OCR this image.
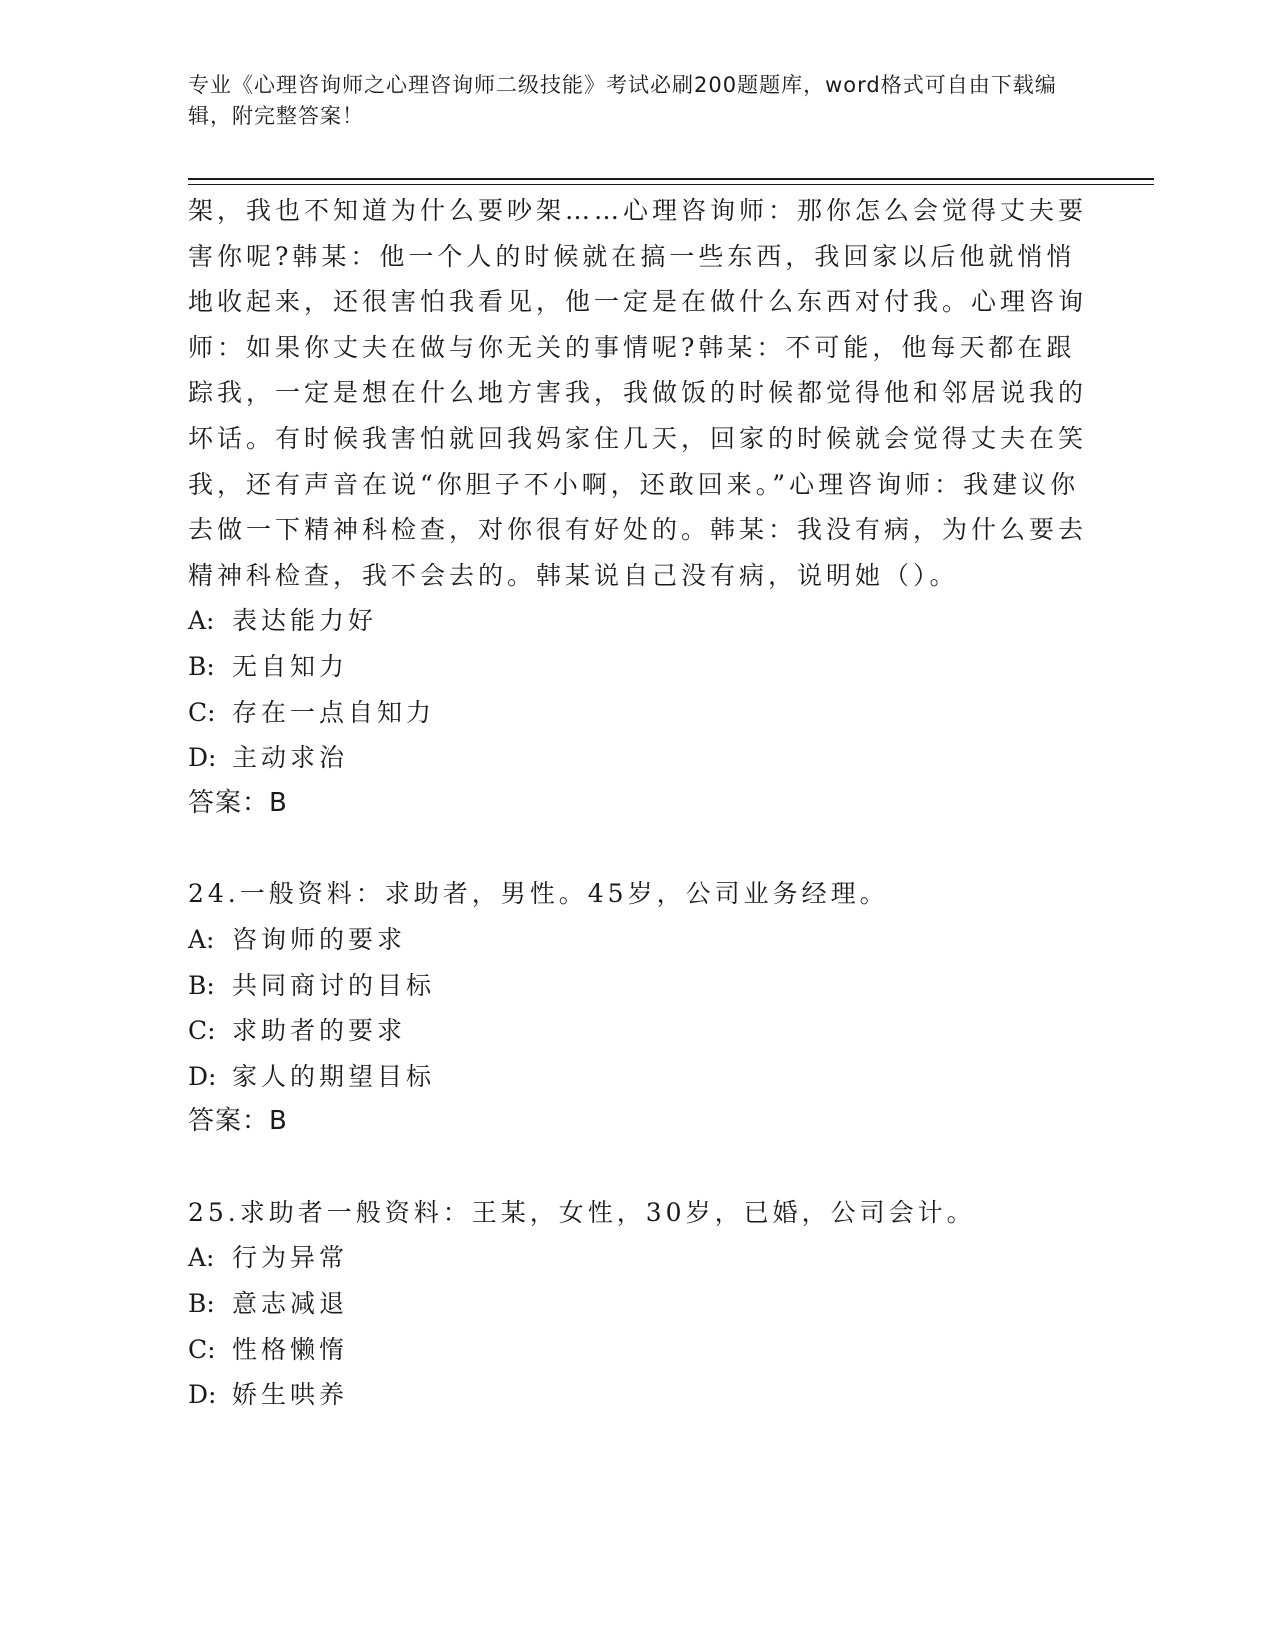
专业《心理咨询师之心理咨询师二级技能》考试必刷200题题库，word格式可自由下载编辑，附完整答案！

架，我也不知道为什么要吵架……心理咨询师：那你怎么会觉得丈夫要害你呢?韩某：他一个人的时候就在搞一些东西，我回家以后他就悄悄地收起来，还很害怕我看见，他一定是在做什么东西对付我。心理咨询师：如果你丈夫在做与你无关的事情呢?韩某：不可能，他每天都在跟踪我，一定是想在什么地方害我，我做饭的时候都觉得他和邻居说我的坏话。有时候我害怕就回我妈家住几天，回家的时候就会觉得丈夫在笑我，还有声音在说“你胆子不小啊，还敢回来。”心理咨询师：我建议你去做一下精神科检查，对你很有好处的。韩某：我没有病，为什么要去精神科检查，我不会去的。韩某说自己没有病，说明她（）。

A: 表达能力好

B: 无自知力

C: 存在一点自知力

D: 主动求治

答案：B

24.一般资料：求助者，男性。45岁，公司业务经理。

A: 咨询师的要求

B: 共同商讨的目标

C: 求助者的要求

D: 家人的期望目标

答案：B

25.求助者一般资料：王某，女性，30岁，已婚，公司会计。

A: 行为异常

B: 意志减退

C: 性格懒惰

D: 娇生哄养
